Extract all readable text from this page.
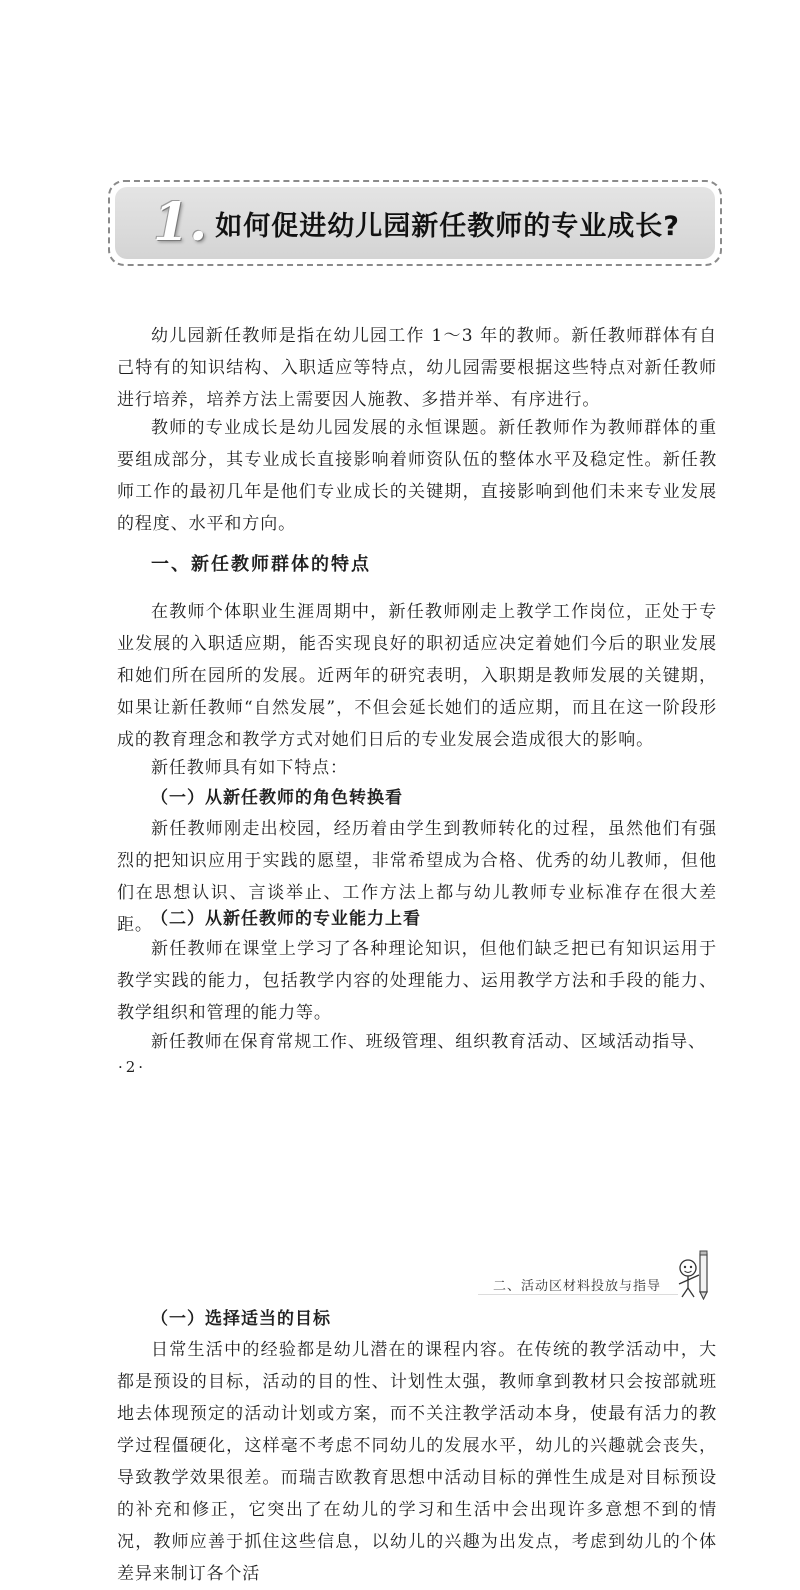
1. 如何促进幼儿园新任教师的专业成长?

幼儿园新任教师是指在幼儿园工作 1～3 年的教师。新任教师群体有自己特有的知识结构、入职适应等特点，幼儿园需要根据这些特点对新任教师进行培养，培养方法上需要因人施教、多措并举、有序进行。

教师的专业成长是幼儿园发展的永恒课题。新任教师作为教师群体的重要组成部分，其专业成长直接影响着师资队伍的整体水平及稳定性。新任教师工作的最初几年是他们专业成长的关键期，直接影响到他们未来专业发展的程度、水平和方向。

一、新任教师群体的特点

在教师个体职业生涯周期中，新任教师刚走上教学工作岗位，正处于专业发展的入职适应期，能否实现良好的职初适应决定着她们今后的职业发展和她们所在园所的发展。近两年的研究表明，入职期是教师发展的关键期，如果让新任教师“自然发展”，不但会延长她们的适应期，而且在这一阶段形成的教育理念和教学方式对她们日后的专业发展会造成很大的影响。

新任教师具有如下特点：

（一）从新任教师的角色转换看

新任教师刚走出校园，经历着由学生到教师转化的过程，虽然他们有强烈的把知识应用于实践的愿望，非常希望成为合格、优秀的幼儿教师，但他们在思想认识、言谈举止、工作方法上都与幼儿教师专业标准存在很大差距。

（二）从新任教师的专业能力上看

新任教师在课堂上学习了各种理论知识，但他们缺乏把已有知识运用于教学实践的能力，包括教学内容的处理能力、运用教学方法和手段的能力、教学组织和管理的能力等。

新任教师在保育常规工作、班级管理、组织教育活动、区域活动指导、

·2·
二、活动区材料投放与指导
（一）选择适当的目标

日常生活中的经验都是幼儿潜在的课程内容。在传统的教学活动中，大都是预设的目标，活动的目的性、计划性太强，教师拿到教材只会按部就班地去体现预定的活动计划或方案，而不关注教学活动本身，使最有活力的教学过程僵硬化，这样毫不考虑不同幼儿的发展水平，幼儿的兴趣就会丧失，导致教学效果很差。而瑞吉欧教育思想中活动目标的弹性生成是对目标预设的补充和修正，它突出了在幼儿的学习和生活中会出现许多意想不到的情况，教师应善于抓住这些信息，以幼儿的兴趣为出发点，考虑到幼儿的个体差异来制订各个活
